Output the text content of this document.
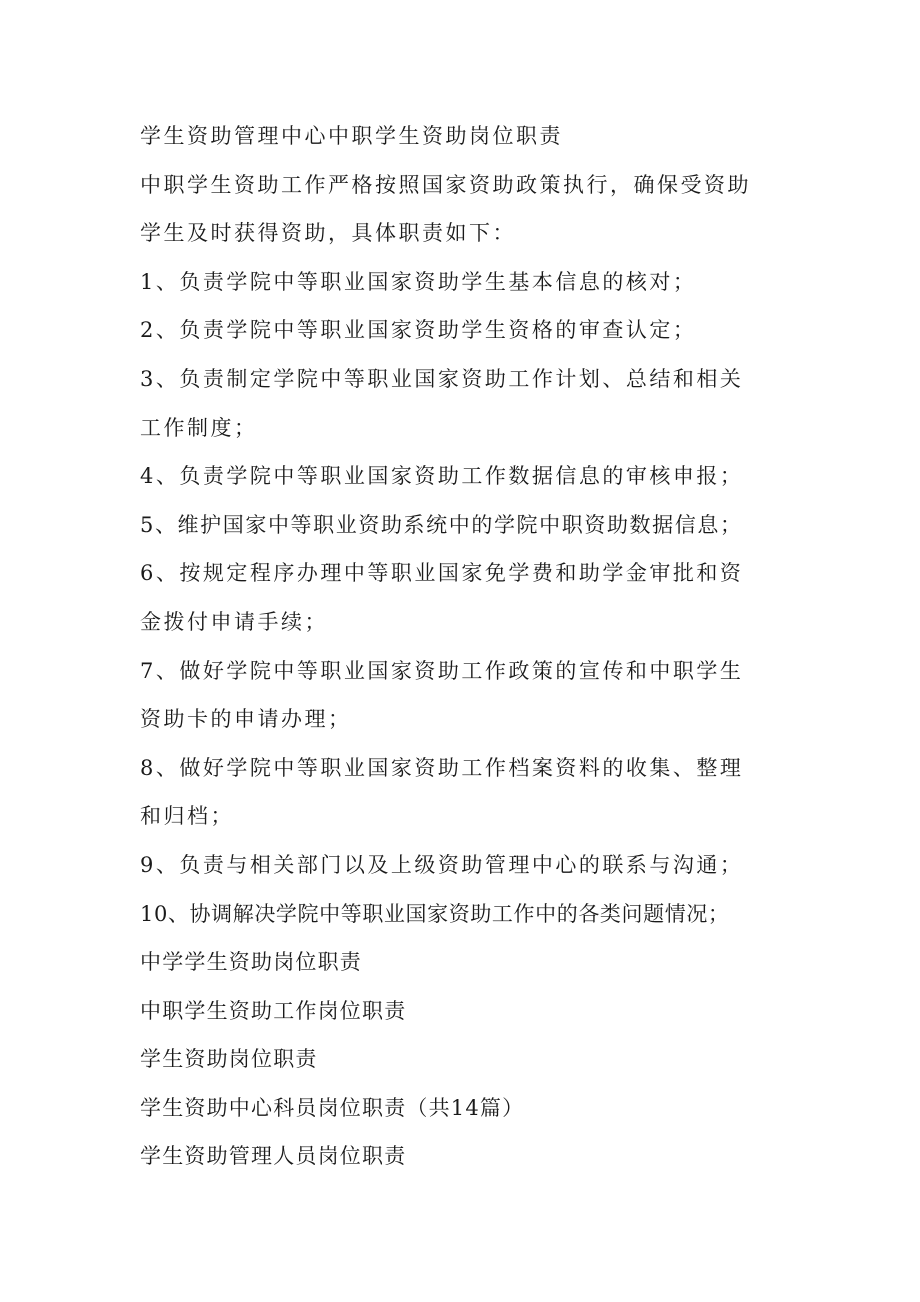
学生资助管理中心中职学生资助岗位职责
中职学生资助工作严格按照国家资助政策执行，确保受资助
学生及时获得资助，具体职责如下：
1、负责学院中等职业国家资助学生基本信息的核对；
2、负责学院中等职业国家资助学生资格的审查认定；
3、负责制定学院中等职业国家资助工作计划、总结和相关
工作制度；
4、负责学院中等职业国家资助工作数据信息的审核申报；
5、维护国家中等职业资助系统中的学院中职资助数据信息；
6、按规定程序办理中等职业国家免学费和助学金审批和资
金拨付申请手续；
7、做好学院中等职业国家资助工作政策的宣传和中职学生
资助卡的申请办理；
8、做好学院中等职业国家资助工作档案资料的收集、整理
和归档；
9、负责与相关部门以及上级资助管理中心的联系与沟通；
10、协调解决学院中等职业国家资助工作中的各类问题情况；
中学学生资助岗位职责
中职学生资助工作岗位职责
学生资助岗位职责
学生资助中心科员岗位职责（共14篇）
学生资助管理人员岗位职责
